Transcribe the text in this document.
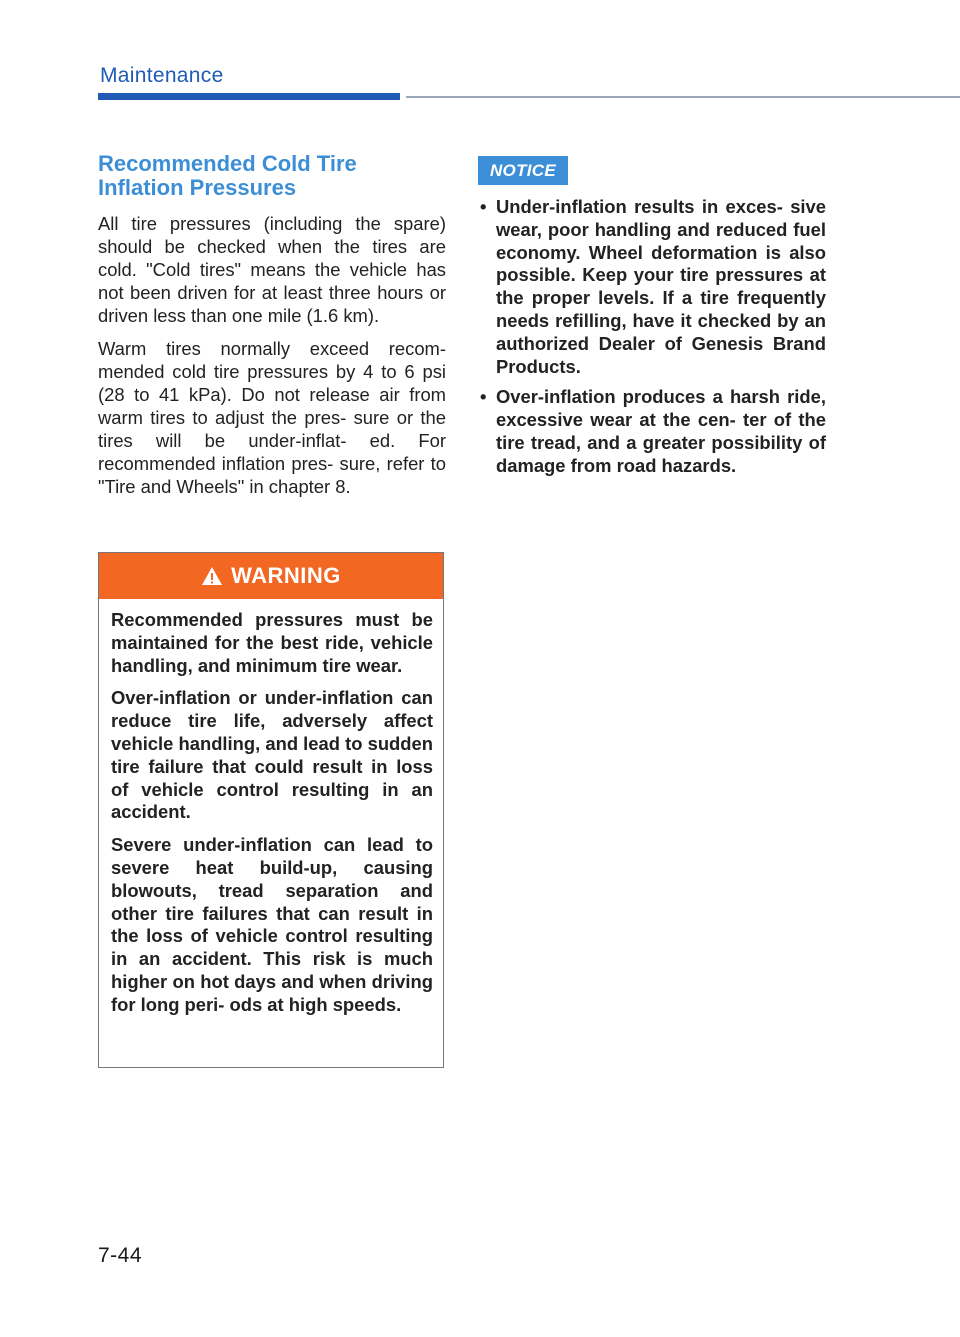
Maintenance
Recommended Cold Tire Inflation Pressures

All tire pressures (including the spare) should be checked when the tires are cold. "Cold tires" means the vehicle has not been driven for at least three hours or driven less than one mile (1.6 km).

Warm tires normally exceed recom- mended cold tire pressures by 4 to 6 psi (28 to 41 kPa). Do not release air from warm tires to adjust the pres- sure or the tires will be under-inflat- ed. For recommended inflation pres- sure, refer to "Tire and Wheels" in chapter 8.

WARNING

Recommended pressures must be maintained for the best ride, vehicle handling, and minimum tire wear.

Over-inflation or under-inflation can reduce tire life, adversely affect vehicle handling, and lead to sudden tire failure that could result in loss of vehicle control resulting in an accident.

Severe under-inflation can lead to severe heat build-up, causing blowouts, tread separation and other tire failures that can result in the loss of vehicle control resulting in an accident. This risk is much higher on hot days and when driving for long peri- ods at high speeds.

NOTICE
• Under-inflation results in exces- sive wear, poor handling and reduced fuel economy. Wheel deformation is also possible. Keep your tire pressures at the proper levels. If a tire frequently needs refilling, have it checked by an authorized Dealer of Genesis Brand Products.
• Over-inflation produces a harsh ride, excessive wear at the cen- ter of the tire tread, and a greater possibility of damage from road hazards.
7-44
